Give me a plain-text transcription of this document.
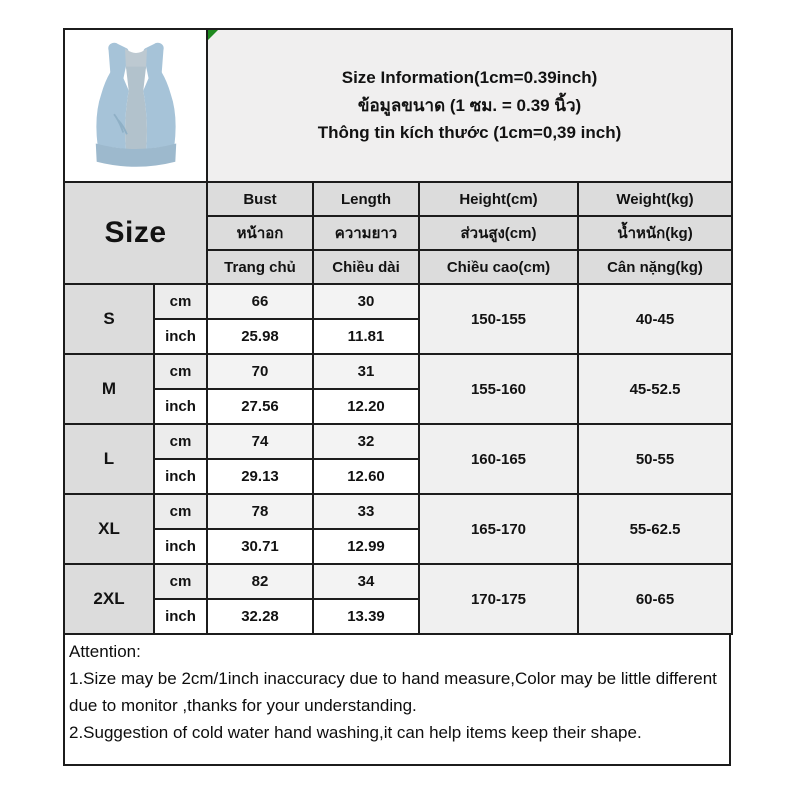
Size Information(1cm=0.39inch)
ข้อมูลขนาด (1 ซม. = 0.39 นิ้ว)
Thông tin kích thước (1cm=0,39 inch)			

Size		Bust	Length	Height(cm)	Weight(kg)
		หน้าอก	ความยาว	ส่วนสูง(cm)	น้ำหนัก(kg)
		Trang chủ	Chiều dài	Chiều cao(cm)	Cân nặng(kg)
S	cm	66	30	150-155	40-45
	inch	25.98	11.81		
M	cm	70	31	155-160	45-52.5
	inch	27.56	12.20		
L	cm	74	32	160-165	50-55
	inch	29.13	12.60		
XL	cm	78	33	165-170	55-62.5
	inch	30.71	12.99		
2XL	cm	82	34	170-175	60-65
	inch	32.28	13.39		

Attention:

1.Size may be 2cm/1inch inaccuracy due to hand measure,Color may be little different due to monitor ,thanks for your understanding.

2.Suggestion of cold water hand washing,it can help items keep their shape.
